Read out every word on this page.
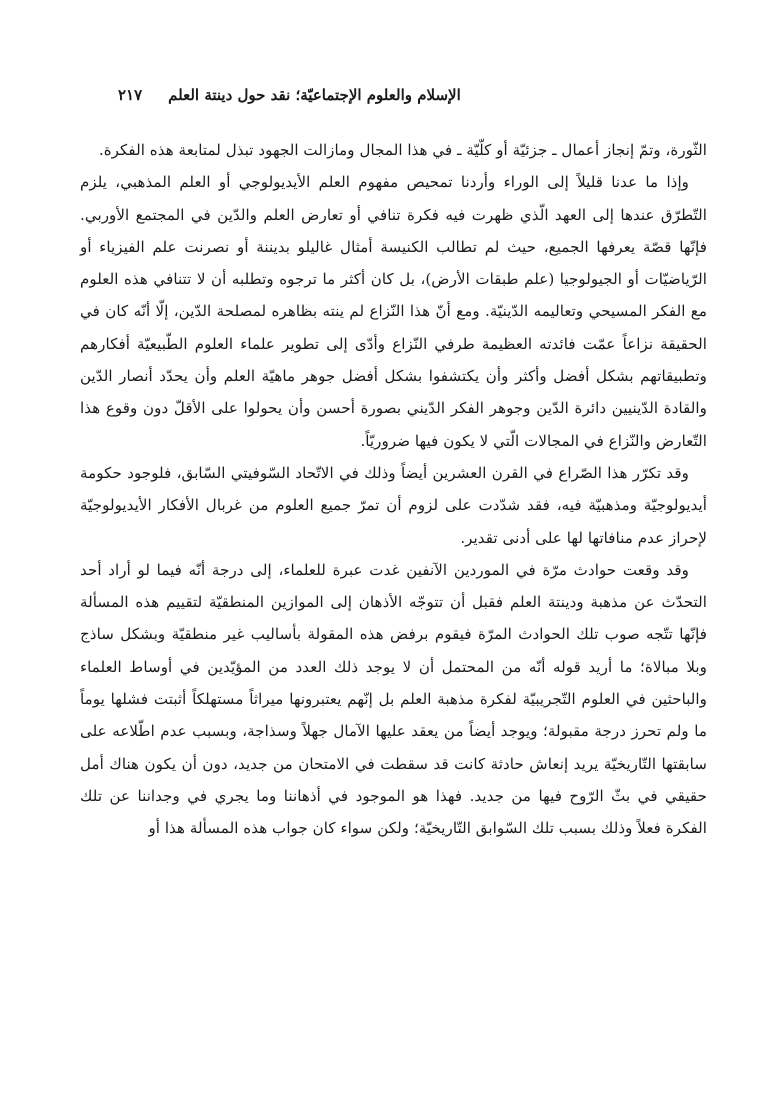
٢١٧ الإسلام والعلوم الإجتماعيّة؛ نقد حول دينتة العلم

الثّورة، وتمّ إنجاز أعمال ـ جزئيّة أو كلّيّة ـ في هذا المجال ومازالت الجهود تبذل لمتابعة هذه الفكرة.

وإذا ما عدنا قليلاً إلى الوراء وأردنا تمحيص مفهوم العلم الأيديولوجي أو العلم المذهبي، يلزم التّطرّق عندها إلى العهد الّذي ظهرت فيه فكرة تنافي أو تعارض العلم والدّين في المجتمع الأوربي. فإنّها قصّة يعرفها الجميع، حيث لم تطالب الكنيسة أمثال غاليلو بديننة أو نصرنت علم الفيزياء أو الرّياضيّات أو الجيولوجيا (علم طبقات الأرض)، بل كان أكثر ما ترجوه وتطلبه أن لا تتنافي هذه العلوم مع الفكر المسيحي وتعاليمه الدّينيّة. ومع أنّ هذا النّزاع لم ينته بظاهره لمصلحة الدّين، إلّا أنّه كان في الحقيقة نزاعاً عمّت فائدته العظيمة طرفي النّزاع وأدّى إلى تطوير علماء العلوم الطّبيعيّة أفكارهم وتطبيقاتهم بشكل أفضل وأكثر وأن يكتشفوا بشكل أفضل جوهر ماهيّة العلم وأن يحدّد أنصار الدّين والقادة الدّينيين دائرة الدّين وجوهر الفكر الدّيني بصورة أحسن وأن يحولوا على الأقلّ دون وقوع هذا التّعارض والنّزاع في المجالات الّتي لا يكون فيها ضروريّاً.

وقد تكرّر هذا الصّراع في القرن العشرين أيضاً وذلك في الاتّحاد السّوفيتي السّابق، فلوجود حكومة أيديولوجيّة ومذهبيّة فيه، فقد شدّدت على لزوم أن تمرّ جميع العلوم من غربال الأفكار الأيديولوجيّة لإحراز عدم منافاتها لها على أدنى تقدير.

وقد وقعت حوادث مرّة في الموردين الآنفين غدت عبرة للعلماء، إلى درجة أنّه فيما لو أراد أحد التحدّث عن مذهبة ودينتة العلم فقبل أن تتوجّه الأذهان إلى الموازين المنطقيّة لتقييم هذه المسألة فإنّها تتّجه صوب تلك الحوادث المرّة فيقوم برفض هذه المقولة بأساليب غير منطقيّة وبشكل ساذج وبلا مبالاة؛ ما أريد قوله أنّه من المحتمل أن لا يوجد ذلك العدد من المؤيّدين في أوساط العلماء والباحثين في العلوم التّجريبيّة لفكرة مذهبة العلم بل إنّهم يعتبرونها ميراثاً مستهلكاً أثبتت فشلها يوماً ما ولم تحرز درجة مقبولة؛ ويوجد أيضاً من يعقد عليها الآمال جهلاً وسذاجة، وبسبب عدم اطّلاعه على سابقتها التّاريخيّة يريد إنعاش حادثة كانت قد سقطت في الامتحان من جديد، دون أن يكون هناك أمل حقيقي في بثّ الرّوح فيها من جديد. فهذا هو الموجود في أذهاننا وما يجري في وجداننا عن تلك الفكرة فعلاً وذلك بسبب تلك السّوابق التّاريخيّة؛ ولكن سواء كان جواب هذه المسألة هذا أو
